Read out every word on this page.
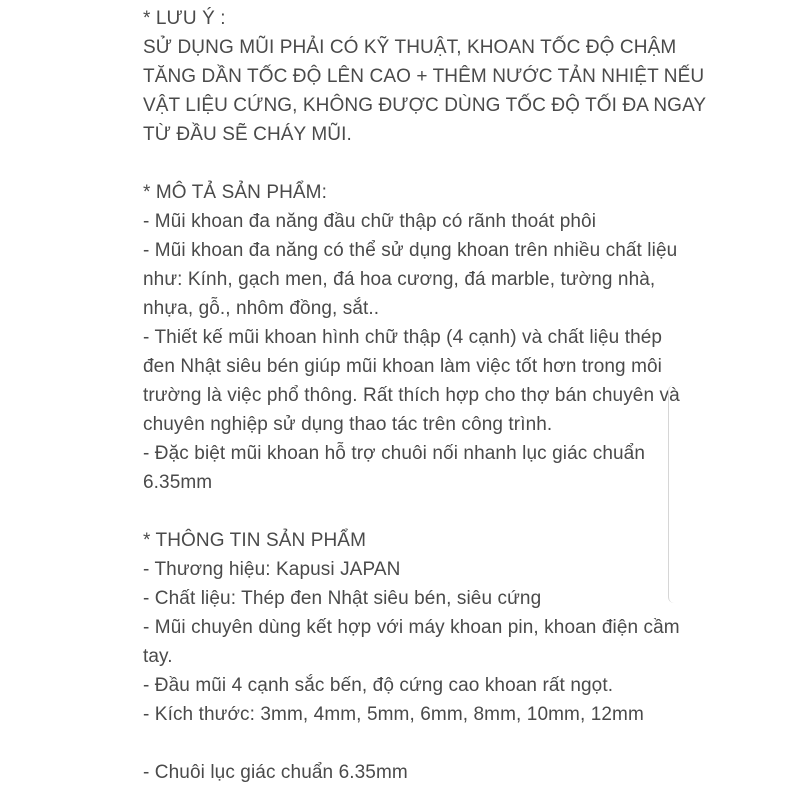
* LƯU Ý :
SỬ DỤNG MŨI PHẢI CÓ KỸ THUẬT, KHOAN TỐC ĐỘ CHẬM
TĂNG DẦN TỐC ĐỘ LÊN CAO + THÊM NƯỚC TẢN NHIỆT NẾU
VẬT LIỆU CỨNG, KHÔNG ĐƯỢC DÙNG TỐC ĐỘ TỐI ĐA NGAY
TỪ ĐẦU SẼ CHÁY MŨI.
* MÔ TẢ SẢN PHẨM:
- Mũi khoan đa năng đầu chữ thập có rãnh thoát phôi
- Mũi khoan đa năng có thể sử dụng khoan trên nhiều chất liệu
như: Kính, gạch men, đá hoa cương, đá marble, tường nhà,
nhựa, gỗ., nhôm đồng, sắt..
- Thiết kế mũi khoan hình chữ thập (4 cạnh) và chất liệu thép
đen Nhật siêu bén giúp mũi khoan làm việc tốt hơn trong môi
trường là việc phổ thông. Rất thích hợp cho thợ bán chuyên và
chuyên nghiệp sử dụng thao tác trên công trình.
- Đặc biệt mũi khoan hỗ trợ chuôi nối nhanh lục giác chuẩn
6.35mm
* THÔNG TIN SẢN PHẨM
- Thương hiệu: Kapusi JAPAN
- Chất liệu: Thép đen Nhật siêu bén, siêu cứng
- Mũi chuyên dùng kết hợp với máy khoan pin, khoan điện cầm
tay.
- Đầu mũi 4 cạnh sắc bến, độ cứng cao khoan rất ngọt.
- Kích thước: 3mm, 4mm, 5mm, 6mm, 8mm, 10mm, 12mm
- Chuôi lục giác chuẩn 6.35mm
